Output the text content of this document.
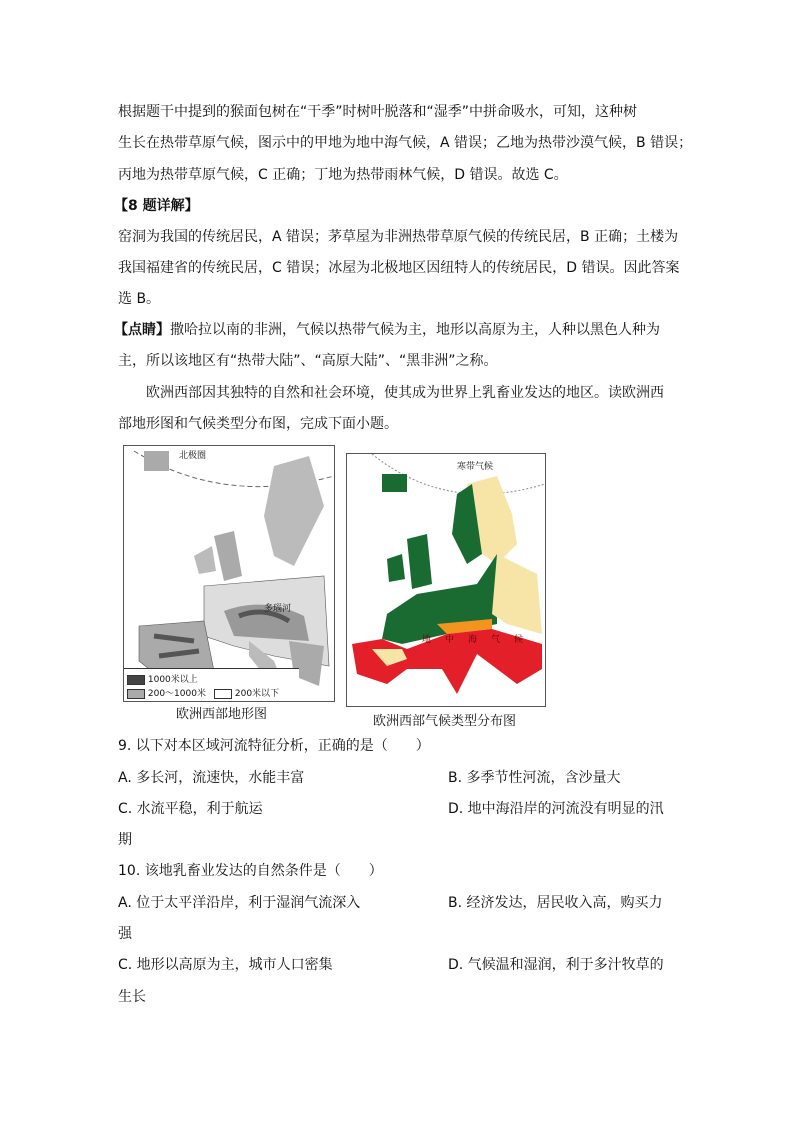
根据题干中提到的猴面包树在“干季”时树叶脱落和“湿季”中拼命吸水，可知，这种树
生长在热带草原气候，图示中的甲地为地中海气候，A 错误；乙地为热带沙漠气候，B 错误；
丙地为热带草原气候，C 正确；丁地为热带雨林气候，D 错误。故选 C。
【8 题详解】
窑洞为我国的传统居民，A 错误；茅草屋为非洲热带草原气候的传统民居，B 正确；土楼为
我国福建省的传统民居，C 错误；冰屋为北极地区因纽特人的传统居民，D 错误。因此答案
选 B。
【点睛】撒哈拉以南的非洲，气候以热带气候为主，地形以高原为主，人种以黑色人种为
主，所以该地区有“热带大陆”、“高原大陆”、“黑非洲”之称。
欧洲西部因其独特的自然和社会环境，使其成为世界上乳畜业发达的地区。读欧洲西
部地形图和气候类型分布图，完成下面小题。
北极圈
多瑙河
1000米以上
200～1000米	200米以下
欧洲西部地形图
寒带气候
地中海气候
欧洲西部气候类型分布图
9. 以下对本区域河流特征分析，正确的是（　　）
A. 多长河，流速快，水能丰富	B. 多季节性河流，含沙量大
C. 水流平稳，利于航运	D. 地中海沿岸的河流没有明显的汛
期
10. 该地乳畜业发达的自然条件是（　　）
A. 位于太平洋沿岸，利于湿润气流深入	B. 经济发达，居民收入高，购买力
强
C. 地形以高原为主，城市人口密集	D. 气候温和湿润，利于多汁牧草的
生长
